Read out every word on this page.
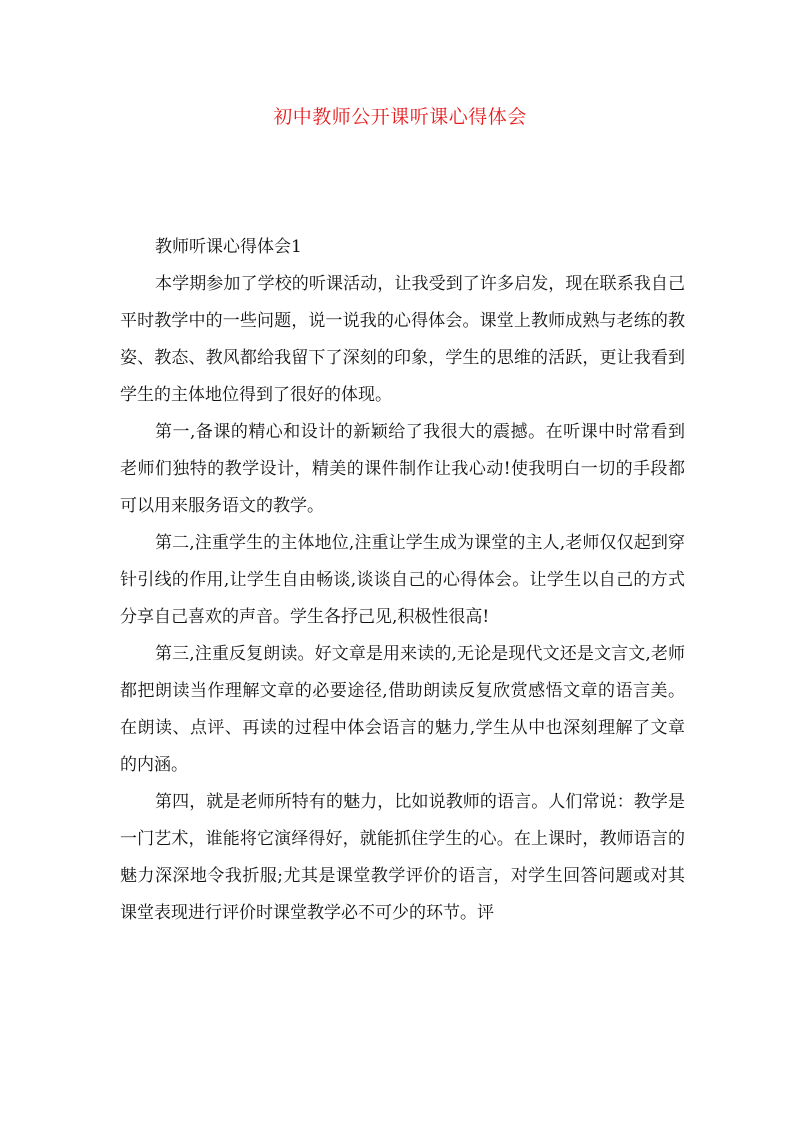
初中教师公开课听课心得体会

教师听课心得体会1

本学期参加了学校的听课活动，让我受到了许多启发，现在联系我自己平时教学中的一些问题，说一说我的心得体会。课堂上教师成熟与老练的教姿、教态、教风都给我留下了深刻的印象，学生的思维的活跃，更让我看到学生的主体地位得到了很好的体现。

第一,备课的精心和设计的新颖给了我很大的震撼。在听课中时常看到老师们独特的教学设计，精美的课件制作让我心动!使我明白一切的手段都可以用来服务语文的教学。

第二,注重学生的主体地位,注重让学生成为课堂的主人,老师仅仅起到穿针引线的作用,让学生自由畅谈,谈谈自己的心得体会。让学生以自己的方式分享自己喜欢的声音。学生各抒己见,积极性很高!

第三,注重反复朗读。好文章是用来读的,无论是现代文还是文言文,老师都把朗读当作理解文章的必要途径,借助朗读反复欣赏感悟文章的语言美。在朗读、点评、再读的过程中体会语言的魅力,学生从中也深刻理解了文章的内涵。

第四，就是老师所特有的魅力，比如说教师的语言。人们常说：教学是一门艺术，谁能将它演绎得好，就能抓住学生的心。在上课时，教师语言的魅力深深地令我折服;尤其是课堂教学评价的语言，对学生回答问题或对其课堂表现进行评价时课堂教学必不可少的环节。评
